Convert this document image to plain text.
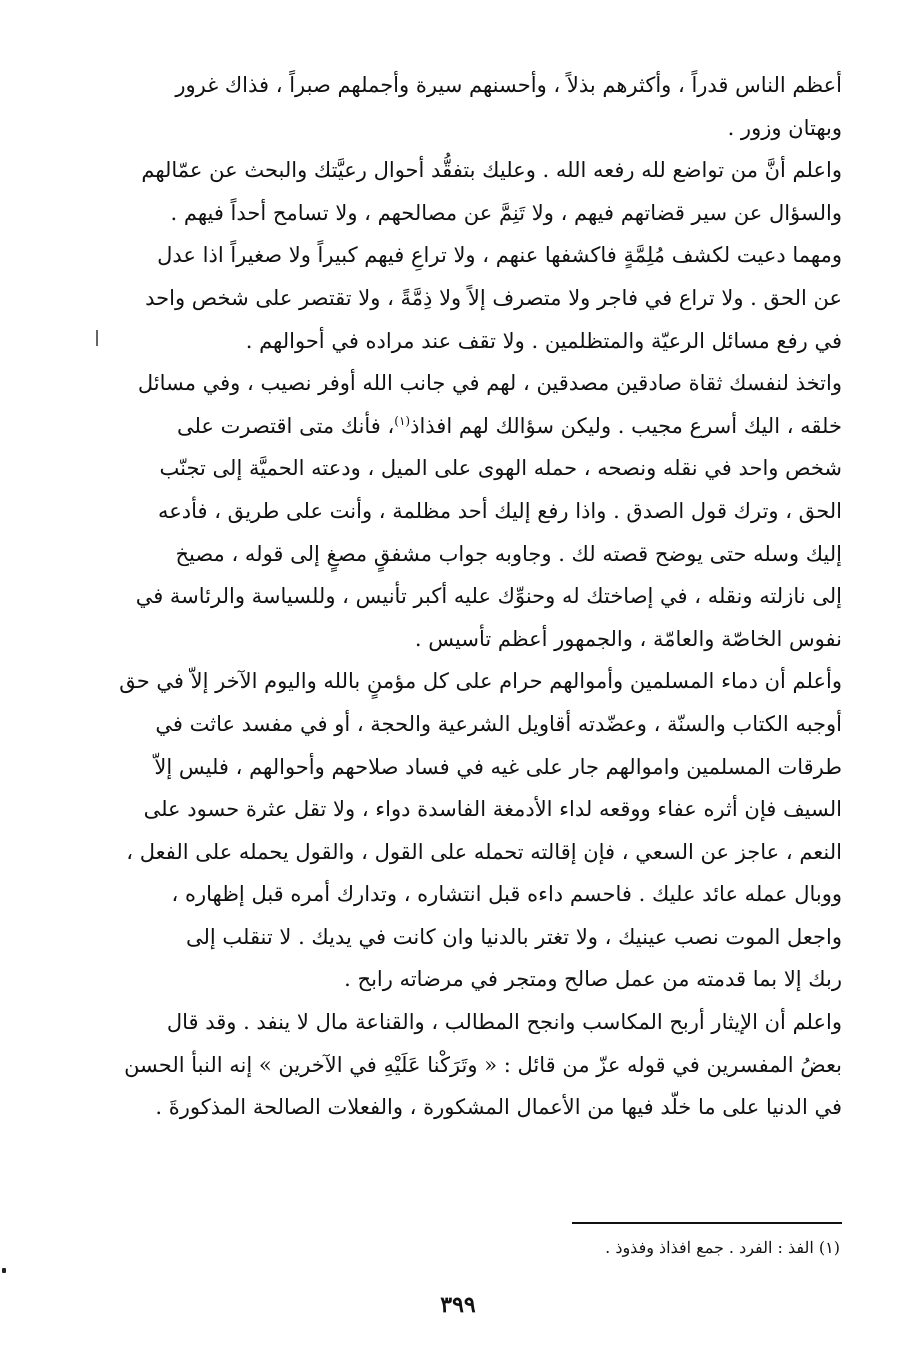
أعظم الناس قدراً ، وأكثرهم بذلاً ، وأحسنهم سيرة وأجملهم صبراً ، فذاك غرور
وبهتان وزور .

واعلم أنَّ من تواضع لله رفعه الله . وعليك بتفقُّد أحوال رعيَّتك والبحث عن عمّالهم
والسؤال عن سير قضاتهم فيهم ، ولا تَنِمَّ عن مصالحهم ، ولا تسامح أحداً فيهم .
ومهما دعيت لكشف مُلِمَّةٍ فاكشفها عنهم ، ولا تراعِ فيهم كبيراً ولا صغيراً اذا عدل
عن الحق . ولا تراع في فاجر ولا متصرف إلاً ولا ذِمَّةً ، ولا تقتصر على شخص واحد
في رفع مسائل الرعيّة والمتظلمين . ولا تقف عند مراده في أحوالهم .

واتخذ لنفسك ثقاة صادقين مصدقين ، لهم في جانب الله أوفر نصيب ، وفي مسائل
خلقه ، اليك أسرع مجيب . وليكن سؤالك لهم افذاذ$^{(١)}$، فأنك متى اقتصرت على
شخص واحد في نقله ونصحه ، حمله الهوى على الميل ، ودعته الحميَّة إلى تجنّب
الحق ، وترك قول الصدق . واذا رفع إليك أحد مظلمة ، وأنت على طريق ، فأدعه
إليك وسله حتى يوضح قصته لك . وجاوبه جواب مشفقٍ مصغٍ إلى قوله ، مصيخ
إلى نازلته ونقله ، في إصاختك له وحنوِّك عليه أكبر تأنيس ، وللسياسة والرئاسة في
نفوس الخاصّة والعامّة ، والجمهور أعظم تأسيس .

وأعلم أن دماء المسلمين وأموالهم حرام على كل مؤمنٍ بالله واليوم الآخر إلاّ في حق
أوجبه الكتاب والسنّة ، وعضّدته أقاويل الشرعية والحجة ، أو في مفسد عاثت في
طرقات المسلمين واموالهم جار على غيه في فساد صلاحهم وأحوالهم ، فليس إلاّ
السيف فإن أثره عفاء ووقعه لداء الأدمغة الفاسدة دواء ، ولا تقل عثرة حسود على
النعم ، عاجز عن السعي ، فإن إقالته تحمله على القول ، والقول يحمله على الفعل ،
ووبال عمله عائد عليك . فاحسم داءه قبل انتشاره ، وتدارك أمره قبل إظهاره ،
واجعل الموت نصب عينيك ، ولا تغتر بالدنيا وان كانت في يديك . لا تنقلب إلى
ربك إلا بما قدمته من عمل صالح ومتجر في مرضاته رابح .

واعلم أن الإيثار أربح المكاسب وانجح المطالب ، والقناعة مال لا ينفد . وقد قال
بعضُ المفسرين في قوله عزّ من قائل : « وتَرَكْنا عَلَيْهِ في الآخرين » إنه النبأ الحسن
في الدنيا على ما خلّد فيها من الأعمال المشكورة ، والفعلات الصالحة المذكورةَ .

(١) الفذ : الفرد . جمع افذاذ وفذوذ .
٣٩٩
